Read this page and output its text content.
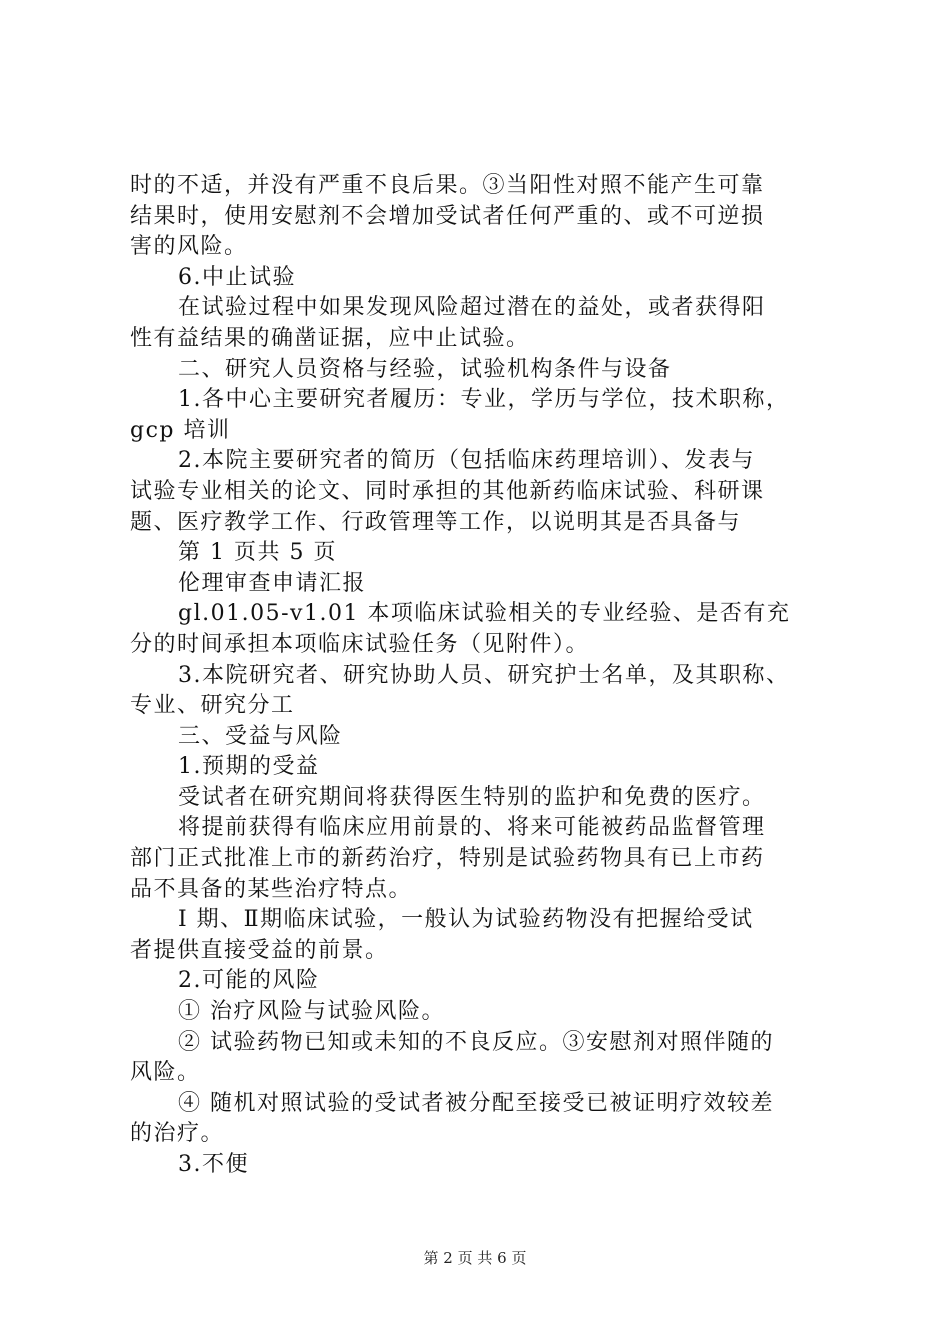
时的不适，并没有严重不良后果。③当阳性对照不能产生可靠
结果时，使用安慰剂不会增加受试者任何严重的、或不可逆损
害的风险。
6.中止试验
在试验过程中如果发现风险超过潜在的益处，或者获得阳
性有益结果的确凿证据，应中止试验。
二、研究人员资格与经验，试验机构条件与设备
1.各中心主要研究者履历：专业，学历与学位，技术职称，
gcp 培训
2.本院主要研究者的简历（包括临床药理培训）、发表与
试验专业相关的论文、同时承担的其他新药临床试验、科研课
题、医疗教学工作、行政管理等工作，以说明其是否具备与
第 1 页共 5 页
伦理审查申请汇报
gl.01.05-v1.01 本项临床试验相关的专业经验、是否有充
分的时间承担本项临床试验任务（见附件）。
3.本院研究者、研究协助人员、研究护士名单，及其职称、
专业、研究分工
三、受益与风险
1.预期的受益
受试者在研究期间将获得医生特别的监护和免费的医疗。
将提前获得有临床应用前景的、将来可能被药品监督管理
部门正式批准上市的新药治疗，特别是试验药物具有已上市药
品不具备的某些治疗特点。
Ⅰ 期、Ⅱ期临床试验，一般认为试验药物没有把握给受试
者提供直接受益的前景。
2.可能的风险
① 治疗风险与试验风险。
② 试验药物已知或未知的不良反应。③安慰剂对照伴随的
风险。
④ 随机对照试验的受试者被分配至接受已被证明疗效较差
的治疗。
3.不便
第 2 页 共 6 页
